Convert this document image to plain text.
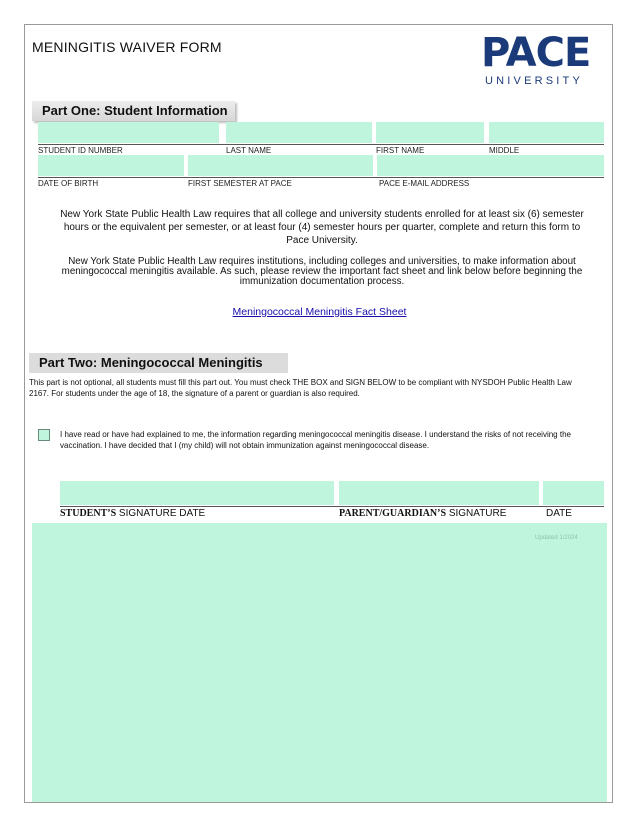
MENINGITIS WAIVER FORM	PACE
UNIVERSITY
Part One: Student Information
STUDENT ID NUMBER	LAST NAME	FIRST NAME	MIDDLE
DATE OF BIRTH	FIRST SEMESTER AT PACE	PACE E-MAIL ADDRESS
New York State Public Health Law requires that all college and university students enrolled for at least six (6) semester hours or the equivalent per semester, or at least four (4) semester hours per quarter, complete and return this form to Pace University.
New York State Public Health Law requires institutions, including colleges and universities, to make information about meningococcal meningitis available. As such, please review the important fact sheet and link below before beginning the immunization documentation process.
Meningococcal Meningitis Fact Sheet
Part Two: Meningococcal Meningitis
This part is not optional, all students must fill this part out. You must check THE BOX and SIGN BELOW to be compliant with NYSDOH Public Health Law 2167. For students under the age of 18, the signature of a parent or guardian is also required.
I have read or have had explained to me, the information regarding meningococcal meningitis disease. I understand the risks of not receiving the vaccination. I have decided that I (my child) will not obtain immunization against meningococcal disease.
STUDENT’S SIGNATURE DATE	PARENT/GUARDIAN’S SIGNATURE	DATE
Updated 1/2024
